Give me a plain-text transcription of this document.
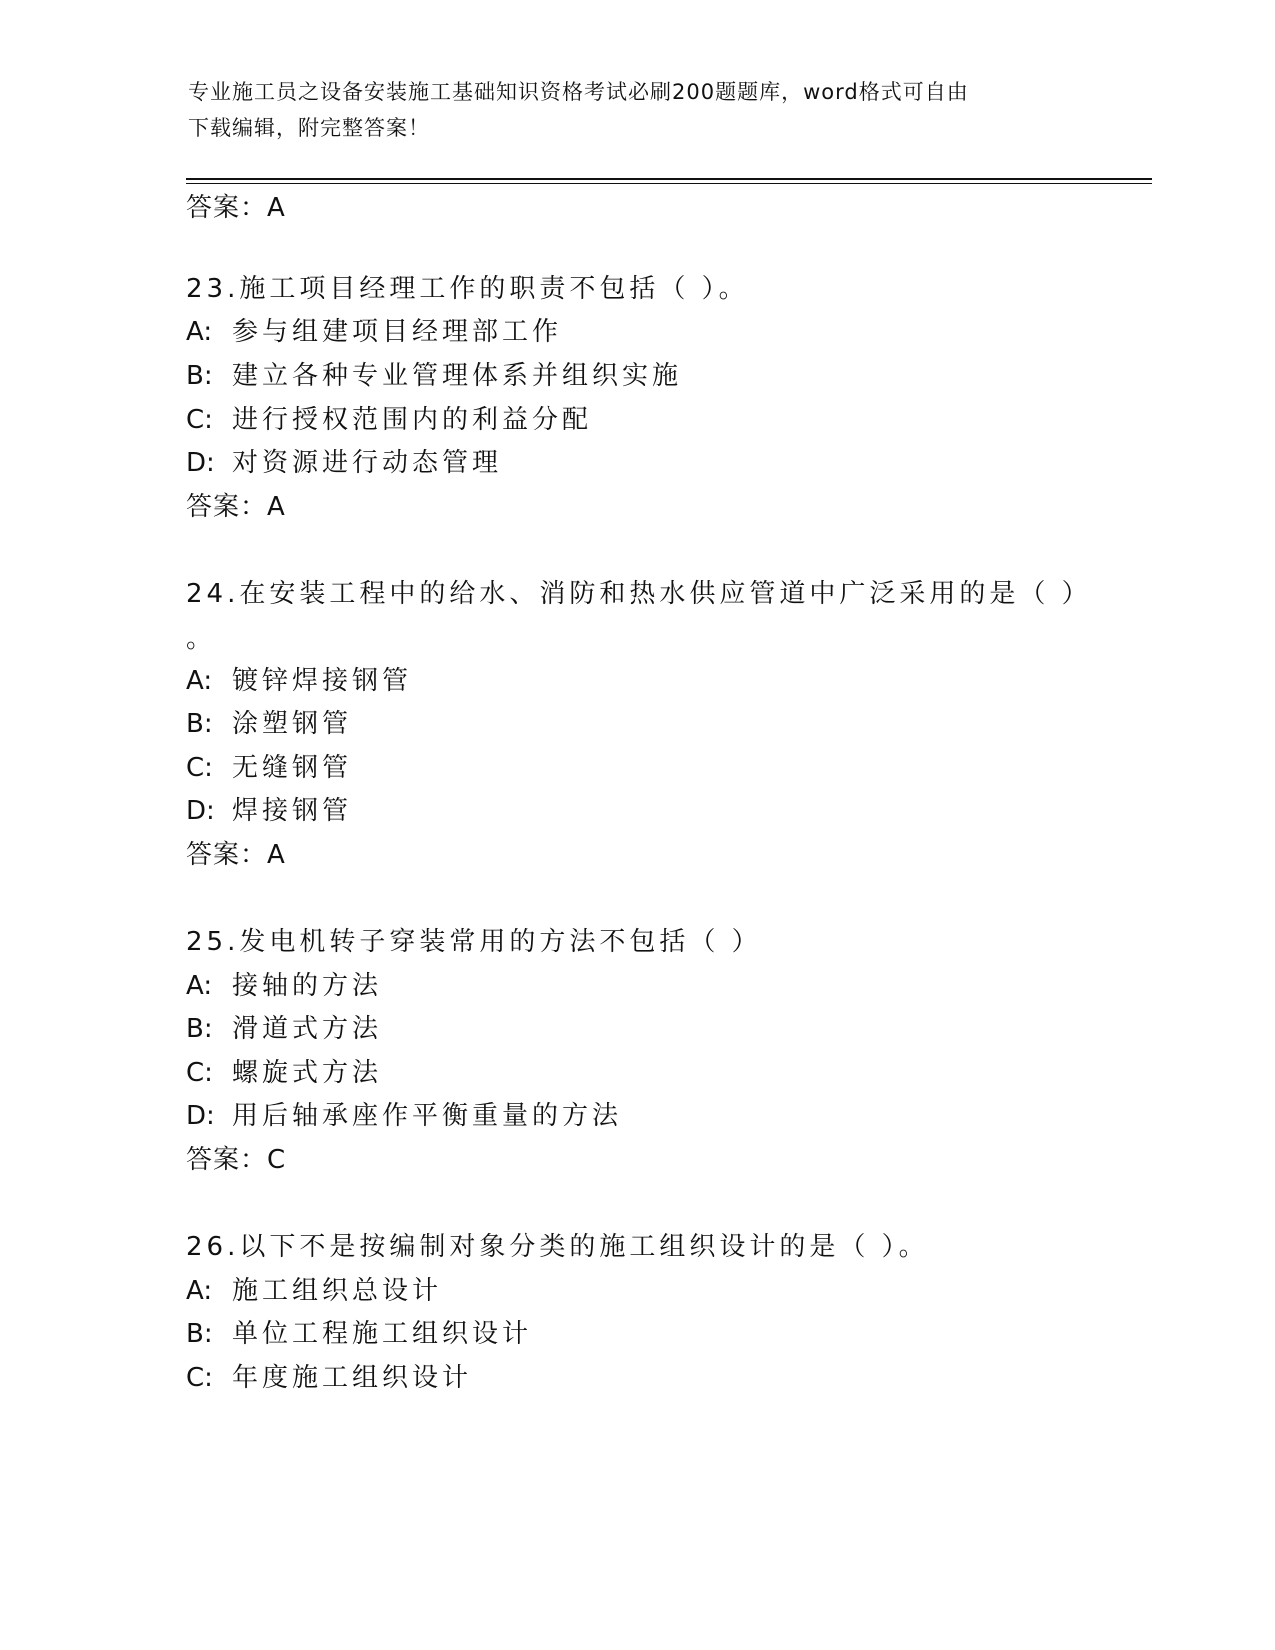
专业施工员之设备安装施工基础知识资格考试必刷200题题库，word格式可自由
下载编辑，附完整答案！
答案：A
23.施工项目经理工作的职责不包括（ ）。
A: 参与组建项目经理部工作
B: 建立各种专业管理体系并组织实施
C: 进行授权范围内的利益分配
D: 对资源进行动态管理
答案：A
24.在安装工程中的给水、消防和热水供应管道中广泛采用的是（ ）
。
A: 镀锌焊接钢管
B: 涂塑钢管
C: 无缝钢管
D: 焊接钢管
答案：A
25.发电机转子穿装常用的方法不包括（ ）
A: 接轴的方法
B: 滑道式方法
C: 螺旋式方法
D: 用后轴承座作平衡重量的方法
答案：C
26.以下不是按编制对象分类的施工组织设计的是（ ）。
A: 施工组织总设计
B: 单位工程施工组织设计
C: 年度施工组织设计
